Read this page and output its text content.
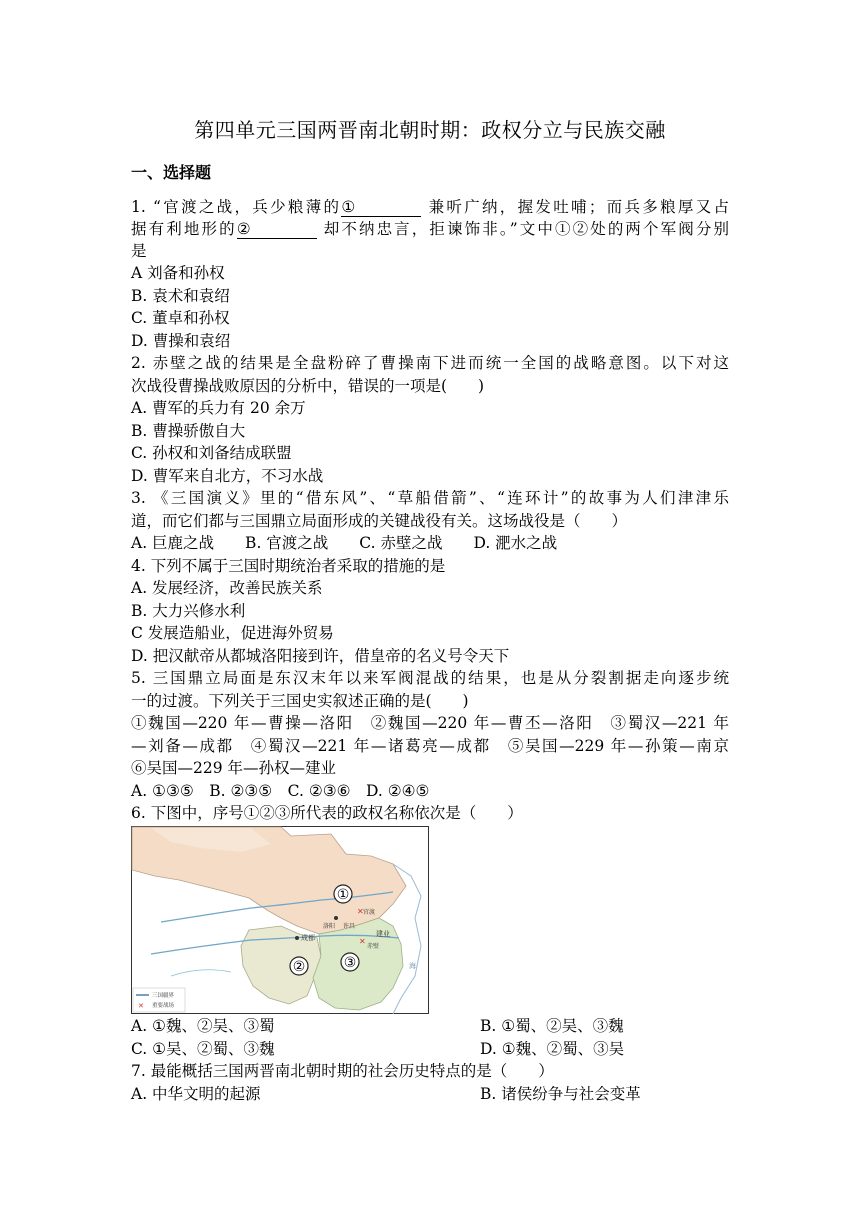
第四单元三国两晋南北朝时期：政权分立与民族交融
一、选择题
1. “官渡之战，兵少粮薄的①	兼听广纳，握发吐哺；而兵多粮厚又占
据有利地形的②	却不纳忠言，拒谏饰非。”文中①②处的两个军阀分别
是
A 刘备和孙权
B. 袁术和袁绍
C. 董卓和孙权
D. 曹操和袁绍
2. 赤壁之战的结果是全盘粉碎了曹操南下进而统一全国的战略意图。以下对这
次战役曹操战败原因的分析中，错误的一项是(　　)
A. 曹军的兵力有 20 余万
B. 曹操骄傲自大
C. 孙权和刘备结成联盟
D. 曹军来自北方，不习水战
3. 《三国演义》里的“借东风”、“草船借箭”、“连环计”的故事为人们津津乐
道，而它们都与三国鼎立局面形成的关键战役有关。这场战役是（　　）
A. 巨鹿之战　　B. 官渡之战　　C. 赤壁之战　　D. 淝水之战
4. 下列不属于三国时期统治者采取的措施的是
A. 发展经济，改善民族关系
B. 大力兴修水利
C 发展造船业，促进海外贸易
D. 把汉献帝从都城洛阳接到许，借皇帝的名义号令天下
5. 三国鼎立局面是东汉末年以来军阀混战的结果，也是从分裂割据走向逐步统
一的过渡。下列关于三国史实叙述正确的是(　　)
①魏国—220 年—曹操—洛阳　②魏国—220 年—曹丕—洛阳　③蜀汉—221 年
—刘备—成都　④蜀汉—221 年—诸葛亮—成都　⑤吴国—229 年—孙策—南京
⑥吴国—229 年—孙权—建业
A. ①③⑤　B. ②③⑤　C. ②③⑥　D. ②④⑤
6. 下图中，序号①②③所代表的政权名称依次是（　　）
①
②	③
成都
洛阳 许昌
官渡
建业
赤壁
✕
✕
海
三国疆界
✕ 重要战场
A. ①魏、②吴、③蜀	B. ①蜀、②吴、③魏
C. ①吴、②蜀、③魏	D. ①魏、②蜀、③吴
7. 最能概括三国两晋南北朝时期的社会历史特点的是（　　）
A. 中华文明的起源	B. 诸侯纷争与社会变革
